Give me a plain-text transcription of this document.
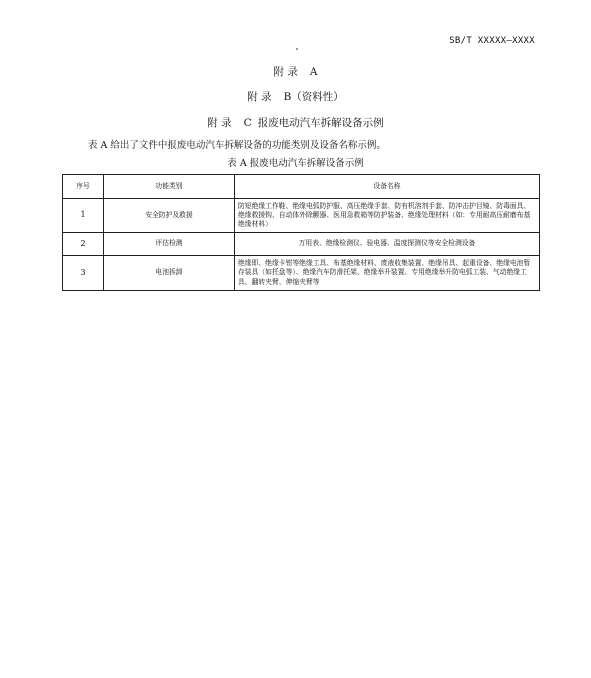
SB/T XXXXX—XXXX
附 录 A
附 录 B（资料性）
附 录 C 报废电动汽车拆解设备示例
表 A 给出了文件中报废电动汽车拆解设备的功能类别及设备名称示例。
表 A 报废电动汽车拆解设备示例
序号	功能类别	设备名称
1	安全防护及救援	防短绝缘工作鞋、绝缘电弧防护服、高压绝缘手套、防有机溶剂手套、防冲击护目镜、防毒面具、绝缘救援钩、自动体外除颤器、医用急救箱等防护装备、绝缘处理材料（如：专用耐高压耐磨布基绝缘材料）
2	评估检测	万用表、绝缘检测仪、验电器、温度探测仪等安全检测设备
3	电池拆卸	绝缘即、绝缘卡钳等绝缘工具、布基绝缘材料、废液收集装置、绝缘吊具、起重设备、绝缘电池暂存装具（如托盘等）、绝缘汽车防滑托架、绝缘举升装置、专用绝缘举升防电弧工装、气动绝缘工具、翻转夹臂、伸缩夹臂等
